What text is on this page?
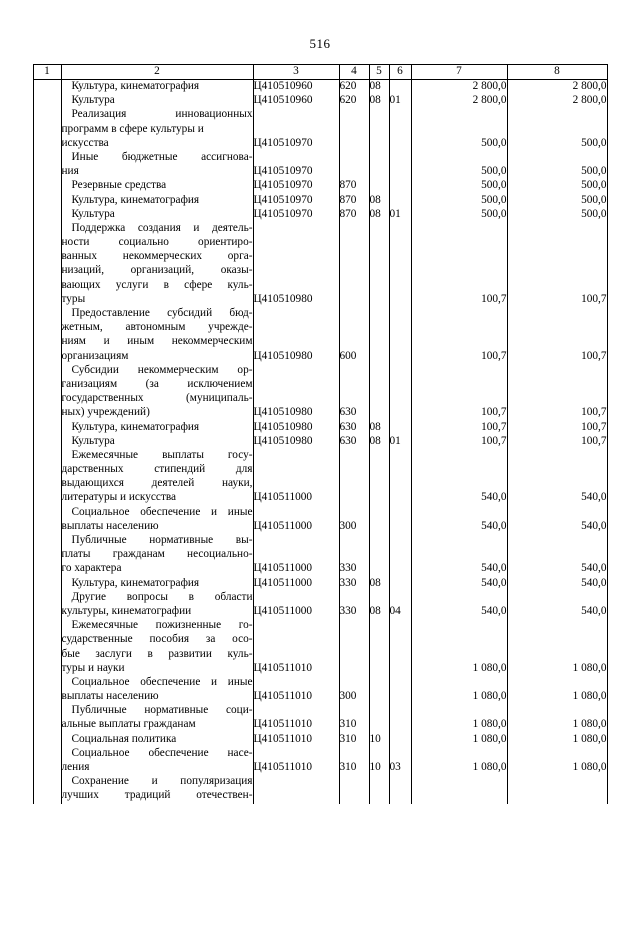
516
1	2	3	4	5	6	7	8

	Культура, кинематография	Ц410510960	620	08		2 800,0	2 800,0

	Культура	Ц410510960	620	08	01	2 800,0	2 800,0

	Реализация инновационных						

	программ в сфере культуры и						

	искусства	Ц410510970				500,0	500,0

	Иные бюджетные ассигнова-						

	ния	Ц410510970				500,0	500,0

	Резервные средства	Ц410510970	870			500,0	500,0

	Культура, кинематография	Ц410510970	870	08		500,0	500,0

	Культура	Ц410510970	870	08	01	500,0	500,0

	Поддержка создания и деятель-						

	ности социально ориентиро-						

	ванных некоммерческих орга-						

	низаций, организаций, оказы-						

	вающих услуги в сфере куль-						

	туры	Ц410510980				100,7	100,7

	Предоставление субсидий бюд-						

	жетным, автономным учрежде-						

	ниям и иным некоммерческим						

	организациям	Ц410510980	600			100,7	100,7

	Субсидии некоммерческим ор-						

	ганизациям (за исключением						

	государственных (муниципаль-						

	ных) учреждений)	Ц410510980	630			100,7	100,7

	Культура, кинематография	Ц410510980	630	08		100,7	100,7

	Культура	Ц410510980	630	08	01	100,7	100,7

	Ежемесячные выплаты госу-						

	дарственных стипендий для						

	выдающихся деятелей науки,						

	литературы и искусства	Ц410511000				540,0	540,0

	Социальное обеспечение и иные						

	выплаты населению	Ц410511000	300			540,0	540,0

	Публичные нормативные вы-						

	платы гражданам несоциально-						

	го характера	Ц410511000	330			540,0	540,0

	Культура, кинематография	Ц410511000	330	08		540,0	540,0

	Другие вопросы в области						

	культуры, кинематографии	Ц410511000	330	08	04	540,0	540,0

	Ежемесячные пожизненные го-						

	сударственные пособия за осо-						

	бые заслуги в развитии куль-						

	туры и науки	Ц410511010				1 080,0	1 080,0

	Социальное обеспечение и иные						

	выплаты населению	Ц410511010	300			1 080,0	1 080,0

	Публичные нормативные соци-						

	альные выплаты гражданам	Ц410511010	310			1 080,0	1 080,0

	Социальная политика	Ц410511010	310	10		1 080,0	1 080,0

	Социальное обеспечение насе-						

	ления	Ц410511010	310	10	03	1 080,0	1 080,0

	Сохранение и популяризация						

	лучших традиций отечествен-						
